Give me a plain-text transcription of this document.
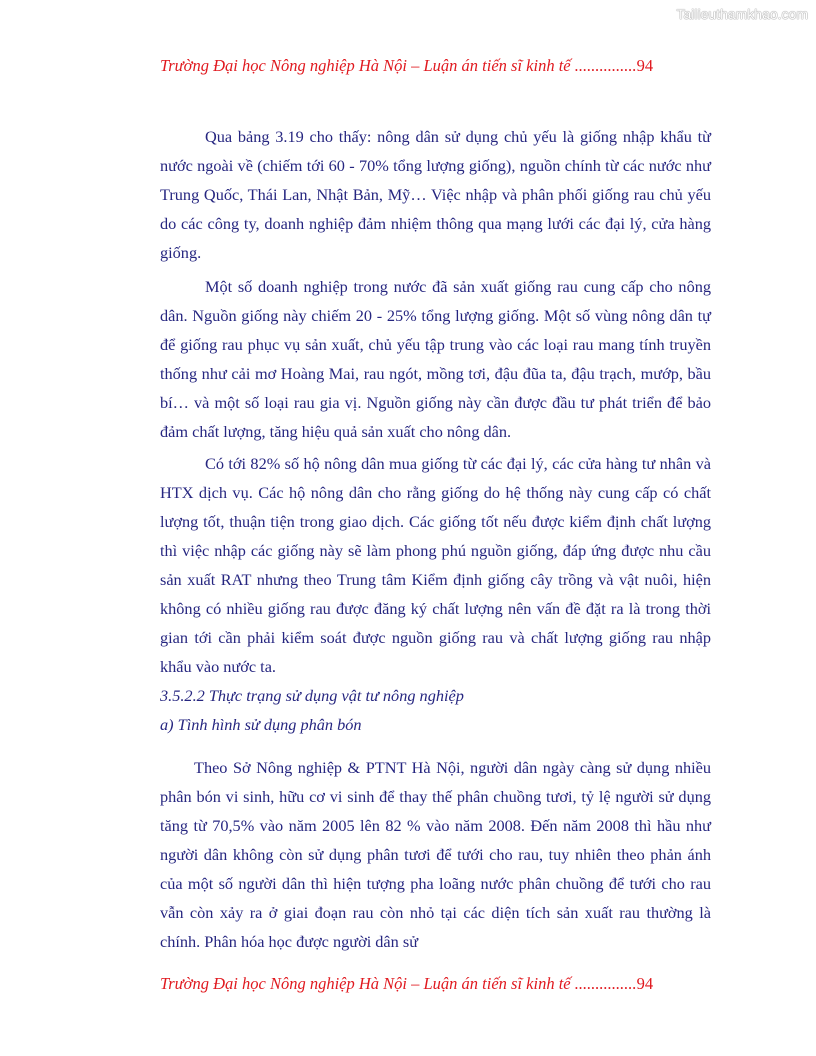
Tailieuthamkhao.com
Trường Đại học Nông nghiệp Hà Nội – Luận án tiến sĩ kinh tế ...............94

Qua bảng 3.19 cho thấy: nông dân sử dụng chủ yếu là giống nhập khẩu từ nước ngoài về (chiếm tới 60 - 70% tổng lượng giống), nguồn chính từ các nước như Trung Quốc, Thái Lan, Nhật Bản, Mỹ… Việc nhập và phân phối giống rau chủ yếu do các công ty, doanh nghiệp đảm nhiệm thông qua mạng lưới các đại lý, cửa hàng giống.

Một số doanh nghiệp trong nước đã sản xuất giống rau cung cấp cho nông dân. Nguồn giống này chiếm 20 - 25% tổng lượng giống. Một số vùng nông dân tự để giống rau phục vụ sản xuất, chủ yếu tập trung vào các loại rau mang tính truyền thống như cải mơ Hoàng Mai, rau ngót, mồng tơi, đậu đũa ta, đậu trạch, mướp, bầu bí… và một số loại rau gia vị. Nguồn giống này cần được đầu tư phát triển để bảo đảm chất lượng, tăng hiệu quả sản xuất cho nông dân.

Có tới 82% số hộ nông dân mua giống từ các đại lý, các cửa hàng tư nhân và HTX dịch vụ. Các hộ nông dân cho rằng giống do hệ thống này cung cấp có chất lượng tốt, thuận tiện trong giao dịch. Các giống tốt nếu được kiểm định chất lượng thì việc nhập các giống này sẽ làm phong phú nguồn giống, đáp ứng được nhu cầu sản xuất RAT nhưng theo Trung tâm Kiểm định giống cây trồng và vật nuôi, hiện không có nhiều giống rau được đăng ký chất lượng nên vấn đề đặt ra là trong thời gian tới cần phải kiểm soát được nguồn giống rau và chất lượng giống rau nhập khẩu vào nước ta.

3.5.2.2 Thực trạng sử dụng vật tư nông nghiệp

a) Tình hình sử dụng phân bón

Theo Sở Nông nghiệp & PTNT Hà Nội, người dân ngày càng sử dụng nhiều phân bón vi sinh, hữu cơ vi sinh để thay thế phân chuồng tươi, tỷ lệ người sử dụng tăng từ 70,5% vào năm 2005 lên 82 % vào năm 2008. Đến năm 2008 thì hầu như người dân không còn sử dụng phân tươi để tưới cho rau, tuy nhiên theo phản ánh của một số người dân thì hiện tượng pha loãng nước phân chuồng để tưới cho rau vẫn còn xảy ra ở giai đoạn rau còn nhỏ tại các diện tích sản xuất rau thường là chính. Phân hóa học được người dân sử

Trường Đại học Nông nghiệp Hà Nội – Luận án tiến sĩ kinh tế ...............94
